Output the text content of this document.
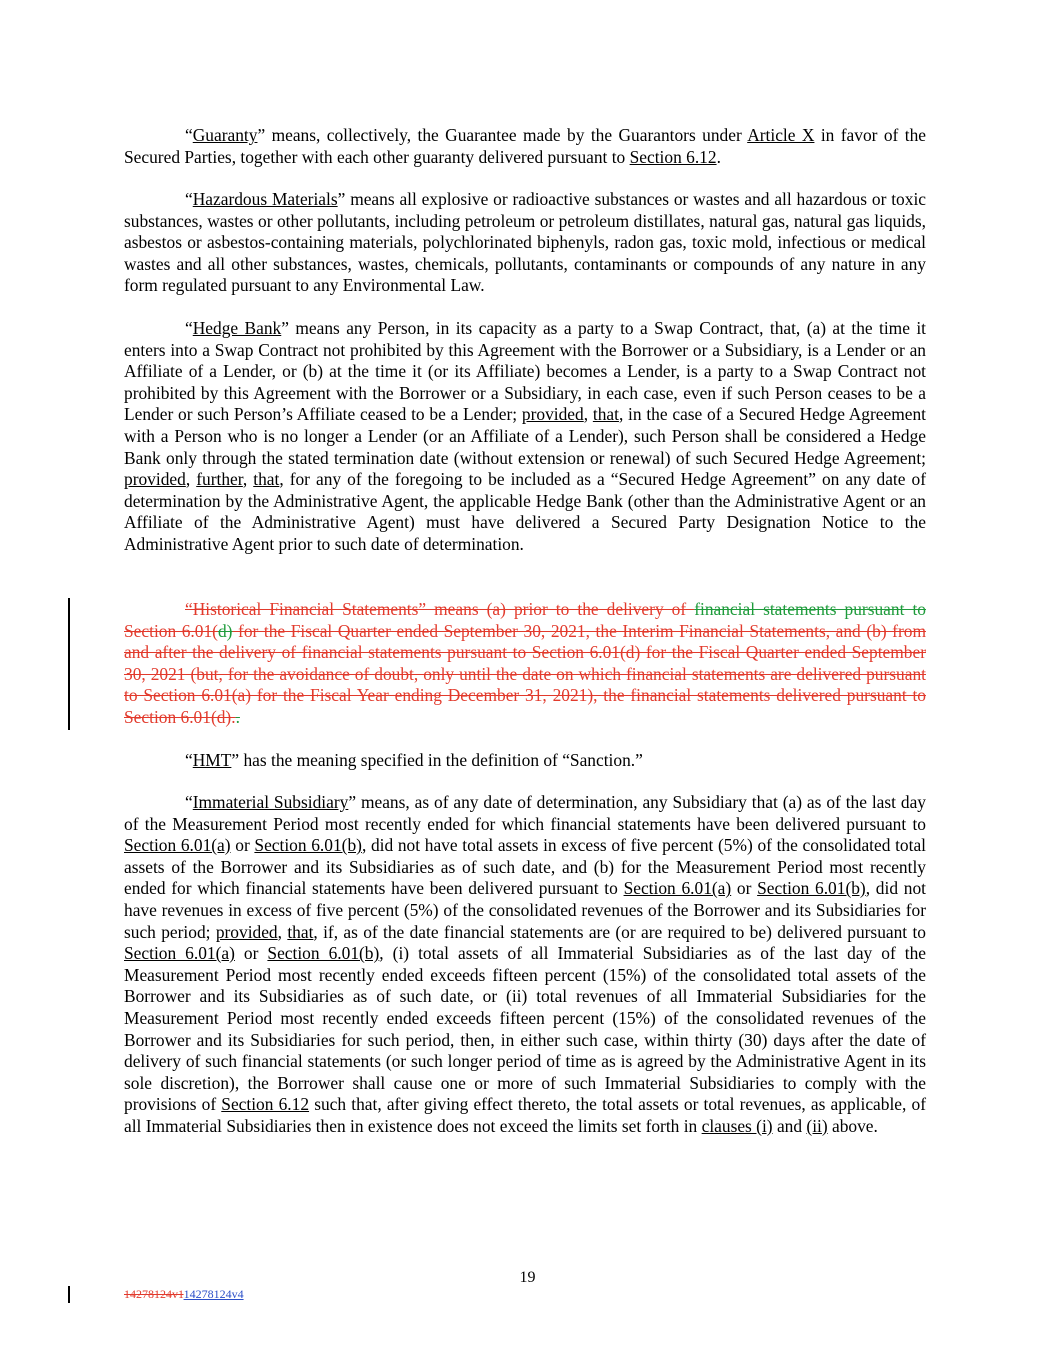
“Guaranty” means, collectively, the Guarantee made by the Guarantors under Article X in favor of the Secured Parties, together with each other guaranty delivered pursuant to Section 6.12.

“Hazardous Materials” means all explosive or radioactive substances or wastes and all hazardous or toxic substances, wastes or other pollutants, including petroleum or petroleum distillates, natural gas, natural gas liquids, asbestos or asbestos-containing materials, polychlorinated biphenyls, radon gas, toxic mold, infectious or medical wastes and all other substances, wastes, chemicals, pollutants, contaminants or compounds of any nature in any form regulated pursuant to any Environmental Law.

“Hedge Bank” means any Person, in its capacity as a party to a Swap Contract, that, (a) at the time it enters into a Swap Contract not prohibited by this Agreement with the Borrower or a Subsidiary, is a Lender or an Affiliate of a Lender, or (b) at the time it (or its Affiliate) becomes a Lender, is a party to a Swap Contract not prohibited by this Agreement with the Borrower or a Subsidiary, in each case, even if such Person ceases to be a Lender or such Person’s Affiliate ceased to be a Lender; provided, that, in the case of a Secured Hedge Agreement with a Person who is no longer a Lender (or an Affiliate of a Lender), such Person shall be considered a Hedge Bank only through the stated termination date (without extension or renewal) of such Secured Hedge Agreement; provided, further, that, for any of the foregoing to be included as a “Secured Hedge Agreement” on any date of determination by the Administrative Agent, the applicable Hedge Bank (other than the Administrative Agent or an Affiliate of the Administrative Agent) must have delivered a Secured Party Designation Notice to the Administrative Agent prior to such date of determination.

“Historical Financial Statements” means (a) prior to the delivery of financial statements pursuant to Section 6.01(d) for the Fiscal Quarter ended September 30, 2021, the Interim Financial Statements, and (b) from and after the delivery of financial statements pursuant to Section 6.01(d) for the Fiscal Quarter ended September 30, 2021 (but, for the avoidance of doubt, only until the date on which financial statements are delivered pursuant to Section 6.01(a) for the Fiscal Year ending December 31, 2021), the financial statements delivered pursuant to Section 6.01(d)..

“HMT” has the meaning specified in the definition of “Sanction.”

“Immaterial Subsidiary” means, as of any date of determination, any Subsidiary that (a) as of the last day of the Measurement Period most recently ended for which financial statements have been delivered pursuant to Section 6.01(a) or Section 6.01(b), did not have total assets in excess of five percent (5%) of the consolidated total assets of the Borrower and its Subsidiaries as of such date, and (b) for the Measurement Period most recently ended for which financial statements have been delivered pursuant to Section 6.01(a) or Section 6.01(b), did not have revenues in excess of five percent (5%) of the consolidated revenues of the Borrower and its Subsidiaries for such period; provided, that, if, as of the date financial statements are (or are required to be) delivered pursuant to Section 6.01(a) or Section 6.01(b), (i) total assets of all Immaterial Subsidiaries as of the last day of the Measurement Period most recently ended exceeds fifteen percent (15%) of the consolidated total assets of the Borrower and its Subsidiaries as of such date, or (ii) total revenues of all Immaterial Subsidiaries for the Measurement Period most recently ended exceeds fifteen percent (15%) of the consolidated revenues of the Borrower and its Subsidiaries for such period, then, in either such case, within thirty (30) days after the date of delivery of such financial statements (or such longer period of time as is agreed by the Administrative Agent in its sole discretion), the Borrower shall cause one or more of such Immaterial Subsidiaries to comply with the provisions of Section 6.12 such that, after giving effect thereto, the total assets or total revenues, as applicable, of all Immaterial Subsidiaries then in existence does not exceed the limits set forth in clauses (i) and (ii) above.

19
14278124v114278124v4
